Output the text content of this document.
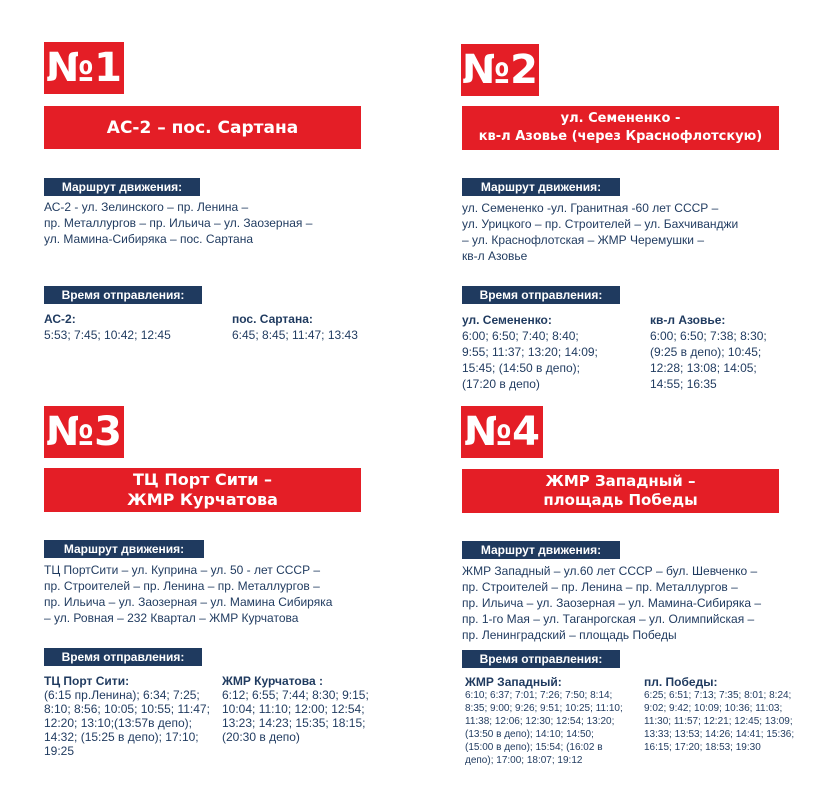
№1
АС-2 – пос. Сартана
Маршрут движения:
АС-2 - ул. Зелинского – пр. Ленина –
пр. Металлургов – пр. Ильича – ул. Заозерная –
ул. Мамина-Сибиряка – пос. Сартана
Время отправления:
АС-2:
5:53; 7:45; 10:42; 12:45
пос. Сартана:
6:45; 8:45; 11:47; 13:43
№2
ул. Семененко -
кв-л Азовье (через Краснофлотскую)
Маршрут движения:
ул. Семененко -ул. Гранитная -60 лет СССР –
ул. Урицкого – пр. Строителей – ул. Бахчиванджи
– ул. Краснофлотская – ЖМР Черемушки –
кв-л Азовье
Время отправления:
ул. Семененко:
6:00; 6:50; 7:40; 8:40;
9:55; 11:37; 13:20; 14:09;
15:45; (14:50 в депо);
(17:20 в депо)
кв-л Азовье:
6:00; 6:50; 7:38; 8:30;
(9:25 в депо); 10:45;
12:28; 13:08; 14:05;
14:55; 16:35
№3
ТЦ Порт Сити –
ЖМР Курчатова
Маршрут движения:
ТЦ ПортСити – ул. Куприна – ул. 50 - лет СССР –
пр. Строителей – пр. Ленина – пр. Металлургов –
пр. Ильича – ул. Заозерная – ул. Мамина Сибиряка
– ул. Ровная – 232 Квартал – ЖМР Курчатова
Время отправления:
ТЦ Порт Сити:
(6:15 пр.Ленина); 6:34; 7:25;
8:10; 8:56; 10:05; 10:55; 11:47;
12:20; 13:10;(13:57в депо);
14:32; (15:25 в депо); 17:10;
19:25
ЖМР Курчатова :
6:12; 6:55; 7:44; 8:30; 9:15;
10:04; 11:10; 12:00; 12:54;
13:23; 14:23; 15:35; 18:15;
(20:30 в депо)
№4
ЖМР Западный –
площадь Победы
Маршрут движения:
ЖМР Западный – ул.60 лет СССР – бул. Шевченко –
пр. Строителей – пр. Ленина – пр. Металлургов –
пр. Ильича – ул. Заозерная – ул. Мамина-Сибиряка –
пр. 1-го Мая – ул. Таганрогская – ул. Олимпийская –
пр. Ленинградский – площадь Победы
Время отправления:
ЖМР Западный:
6:10; 6:37; 7:01; 7:26; 7:50; 8:14;
8:35; 9:00; 9:26; 9:51; 10:25; 11:10;
11:38; 12:06; 12:30; 12:54; 13:20;
(13:50 в депо); 14:10; 14:50;
(15:00 в депо); 15:54; (16:02 в
депо); 17:00; 18:07; 19:12
пл. Победы:
6:25; 6:51; 7:13; 7:35; 8:01; 8:24;
9:02; 9:42; 10:09; 10:36; 11:03;
11:30; 11:57; 12:21; 12:45; 13:09;
13:33; 13:53; 14:26; 14:41; 15:36;
16:15; 17:20; 18:53; 19:30
